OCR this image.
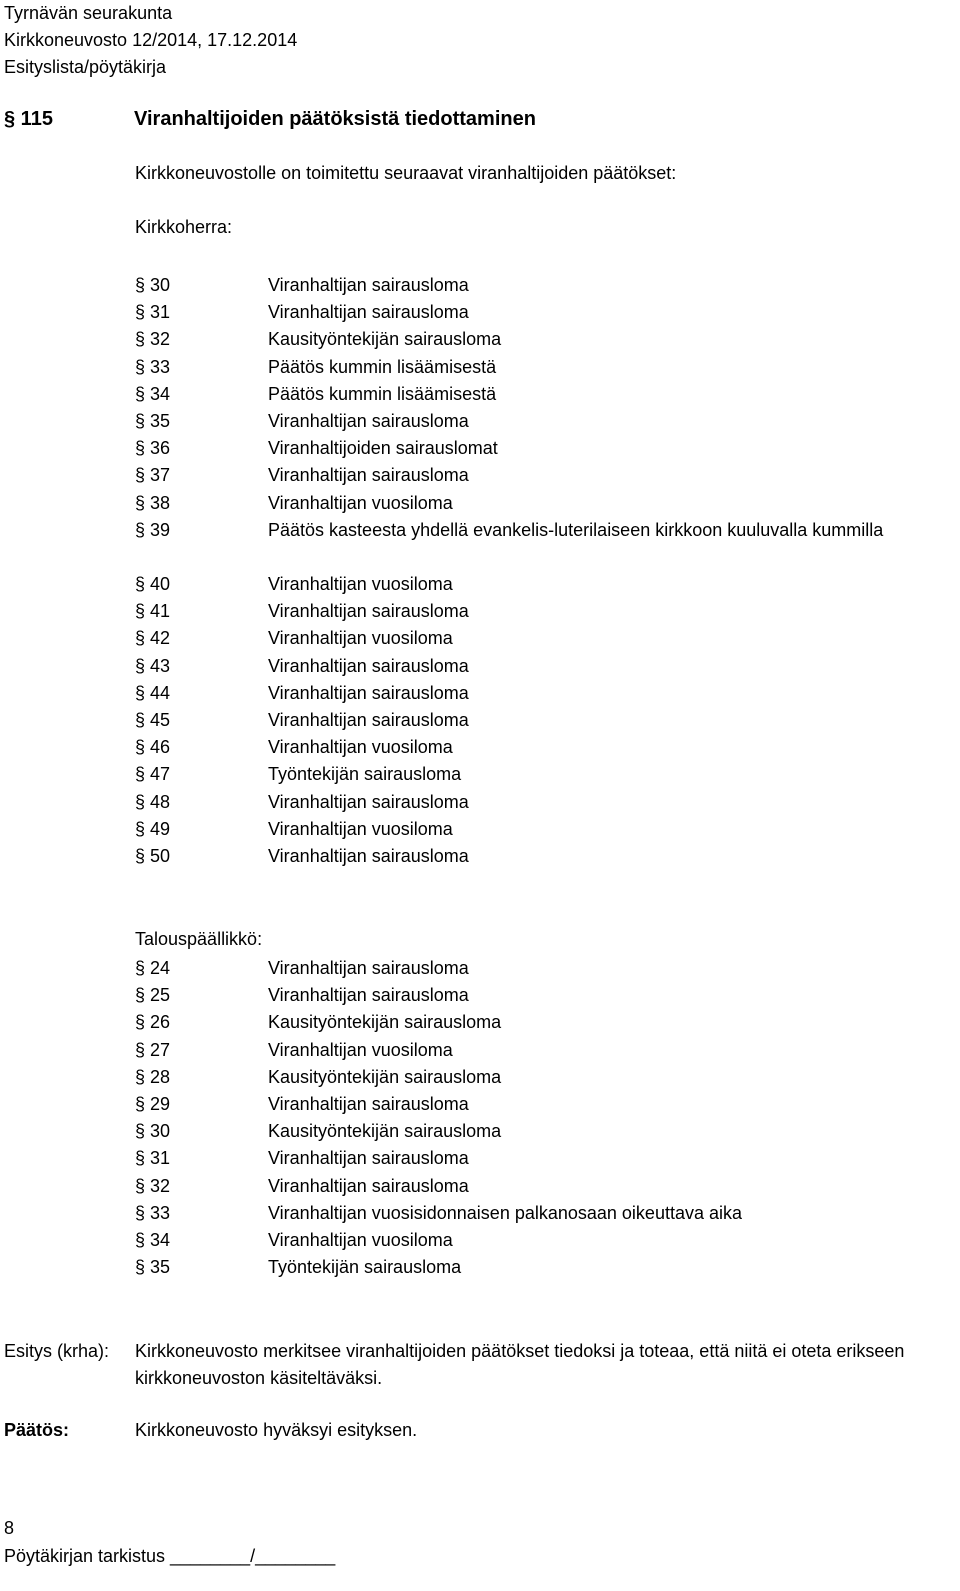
Tyrnävän seurakunta
Kirkkoneuvosto 12/2014, 17.12.2014
Esityslista/pöytäkirja
§ 115	Viranhaltijoiden päätöksistä tiedottaminen
Kirkkoneuvostolle on toimitettu seuraavat viranhaltijoiden päätökset:
Kirkkoherra:
§ 30	Viranhaltijan sairausloma
§ 31	Viranhaltijan sairausloma
§ 32	Kausityöntekijän sairausloma
§ 33	Päätös kummin lisäämisestä
§ 34	Päätös kummin lisäämisestä
§ 35	Viranhaltijan sairausloma
§ 36	Viranhaltijoiden sairauslomat
§ 37	Viranhaltijan sairausloma
§ 38	Viranhaltijan vuosiloma
§ 39	Päätös kasteesta yhdellä evankelis-luterilaiseen kirkkoon kuuluvalla kummilla
§ 40	Viranhaltijan vuosiloma
§ 41	Viranhaltijan sairausloma
§ 42	Viranhaltijan vuosiloma
§ 43	Viranhaltijan sairausloma
§ 44	Viranhaltijan sairausloma
§ 45	Viranhaltijan sairausloma
§ 46	Viranhaltijan vuosiloma
§ 47	Työntekijän sairausloma
§ 48	Viranhaltijan sairausloma
§ 49	Viranhaltijan vuosiloma
§ 50	Viranhaltijan sairausloma
Talouspäällikkö:
§ 24	Viranhaltijan sairausloma
§ 25	Viranhaltijan sairausloma
§ 26	Kausityöntekijän sairausloma
§ 27	Viranhaltijan vuosiloma
§ 28	Kausityöntekijän sairausloma
§ 29	Viranhaltijan sairausloma
§ 30	Kausityöntekijän sairausloma
§ 31	Viranhaltijan sairausloma
§ 32	Viranhaltijan sairausloma
§ 33	Viranhaltijan vuosisidonnaisen palkanosaan oikeuttava aika
§ 34	Viranhaltijan vuosiloma
§ 35	Työntekijän sairausloma
Esitys (krha): Kirkkoneuvosto merkitsee viranhaltijoiden päätökset tiedoksi ja toteaa, että niitä ei oteta erikseen kirkkoneuvoston käsiteltäväksi.
Päätös:	Kirkkoneuvosto hyväksyi esityksen.
8
Pöytäkirjan tarkistus ________/________
